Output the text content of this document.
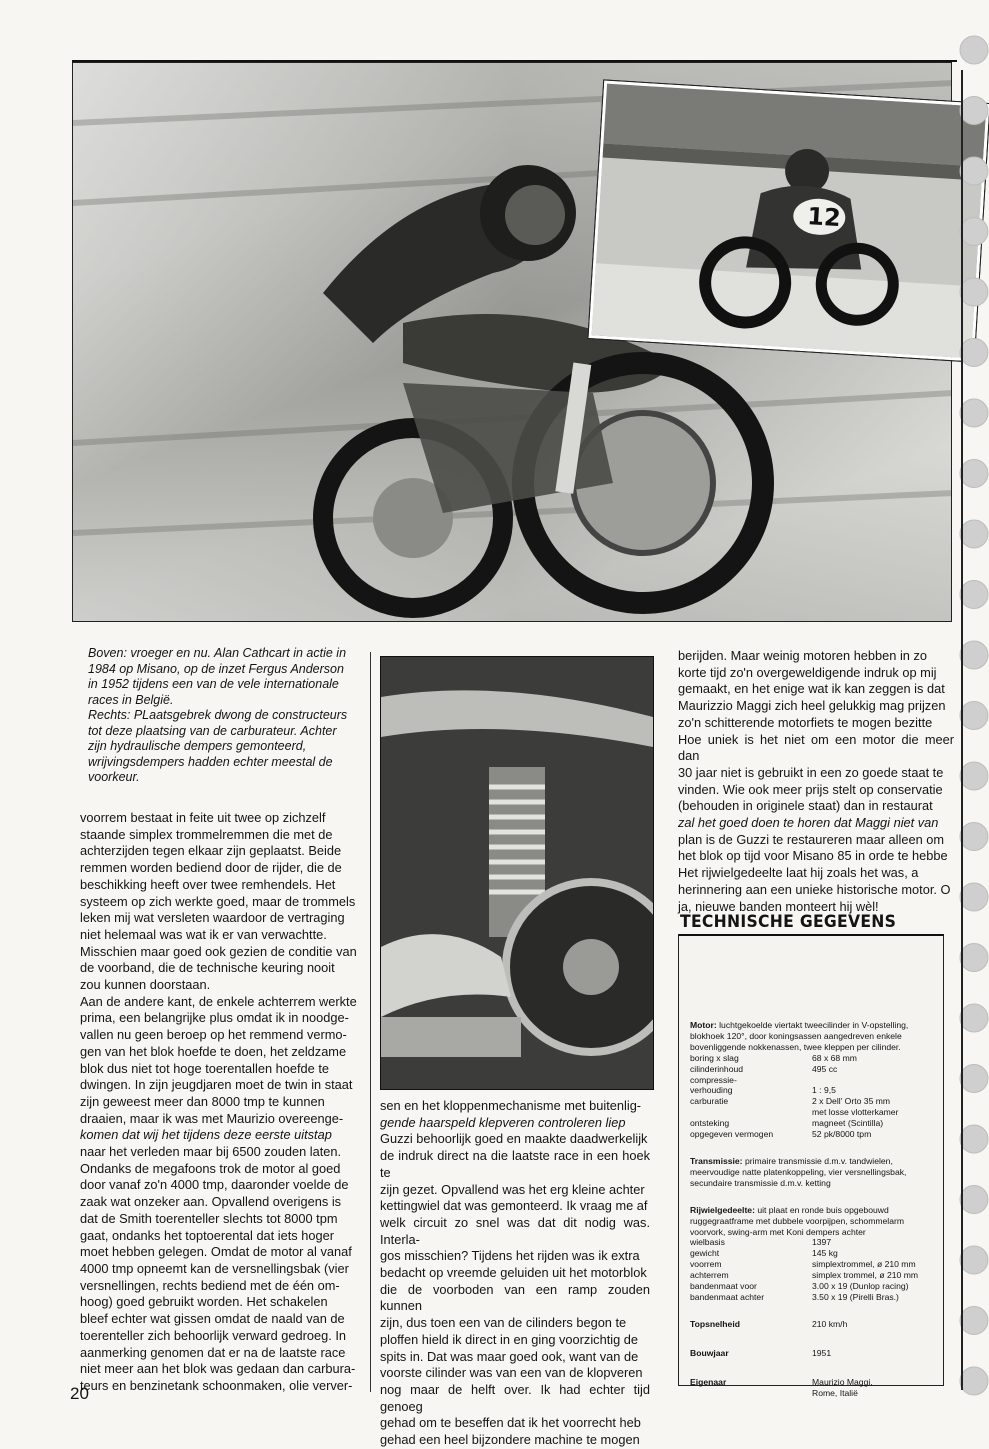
12

Boven: vroeger en nu. Alan Cathcart in actie in

1984 op Misano, op de inzet Fergus Anderson

in 1952 tijdens een van de vele internationale

races in België.

Rechts: PLaatsgebrek dwong de constructeurs

tot deze plaatsing van de carburateur. Achter

zijn hydraulische dempers gemonteerd,

wrijvingsdempers hadden echter meestal de

voorkeur.

voorrem bestaat in feite uit twee op zichzelf

staande simplex trommelremmen die met de

achterzijden tegen elkaar zijn geplaatst. Beide

remmen worden bediend door de rijder, die de

beschikking heeft over twee remhendels. Het

systeem op zich werkte goed, maar de trommels

leken mij wat versleten waardoor de vertraging

niet helemaal was wat ik er van verwachtte.

Misschien maar goed ook gezien de conditie van

de voorband, die de technische keuring nooit

zou kunnen doorstaan.

Aan de andere kant, de enkele achterrem werkte

prima, een belangrijke plus omdat ik in noodge-

vallen nu geen beroep op het remmend vermo-

gen van het blok hoefde te doen, het zeldzame

blok dus niet tot hoge toerentallen hoefde te

dwingen. In zijn jeugdjaren moet de twin in staat

zijn geweest meer dan 8000 tmp te kunnen

draaien, maar ik was met Maurizio overeenge-

komen dat wij het tijdens deze eerste uitstap

naar het verleden maar bij 6500 zouden laten.

Ondanks de megafoons trok de motor al goed

door vanaf zo'n 4000 tmp, daaronder voelde de

zaak wat onzeker aan. Opvallend overigens is

dat de Smith toerenteller slechts tot 8000 tpm

gaat, ondanks het toptoerental dat iets hoger

moet hebben gelegen. Omdat de motor al vanaf

4000 tmp opneemt kan de versnellingsbak (vier

versnellingen, rechts bediend met de één om-

hoog) goed gebruikt worden. Het schakelen

bleef echter wat gissen omdat de naald van de

toerenteller zich behoorlijk verward gedroeg. In

aanmerking genomen dat er na de laatste race

niet meer aan het blok was gedaan dan carbura-

teurs en benzinetank schoonmaken, olie verver-

sen en het kloppenmechanisme met buitenlig-

gende haarspeld klepveren controleren liep

Guzzi behoorlijk goed en maakte daadwerkelijk

de indruk direct na die laatste race in een hoek te

zijn gezet. Opvallend was het erg kleine achter

kettingwiel dat was gemonteerd. Ik vraag me af

welk circuit zo snel was dat dit nodig was. Interla-

gos misschien? Tijdens het rijden was ik extra

bedacht op vreemde geluiden uit het motorblok

die de voorboden van een ramp zouden kunnen

zijn, dus toen een van de cilinders begon te

ploffen hield ik direct in en ging voorzichtig de

spits in. Dat was maar goed ook, want van de

voorste cilinder was van een van de klopveren

nog maar de helft over. Ik had echter tijd genoeg

gehad om te beseffen dat ik het voorrecht heb

gehad een heel bijzondere machine te mogen

berijden. Maar weinig motoren hebben in zo

korte tijd zo'n overgeweldigende indruk op mij

gemaakt, en het enige wat ik kan zeggen is dat

Maurizzio Maggi zich heel gelukkig mag prijzen

zo'n schitterende motorfiets te mogen bezitte

Hoe uniek is het niet om een motor die meer dan

30 jaar niet is gebruikt in een zo goede staat te

vinden. Wie ook meer prijs stelt op conservatie

(behouden in originele staat) dan in restaurat

zal het goed doen te horen dat Maggi niet van

plan is de Guzzi te restaureren maar alleen om

het blok op tijd voor Misano 85 in orde te hebbe

Het rijwielgedeelte laat hij zoals het was, a

herinnering aan een unieke historische motor. O

ja, nieuwe banden monteert hij wèl!

TECHNISCHE GEGEVENS
Motor: luchtgekoelde viertakt tweecilinder in V-opstelling,
blokhoek 120°, door koningsassen aangedreven enkele
bovenliggende nokkenassen, twee kleppen per cilinder.
boring x slag	68 x 68 mm
cilinderinhoud	495 cc
compressie-
verhouding	1 : 9,5
carburatie	2 x Dell' Orto 35 mm
met losse vlotterkamer
ontsteking	magneet (Scintilla)
opgegeven vermogen	52 pk/8000 tpm
Transmissie: primaire transmissie d.m.v. tandwielen,
meervoudige natte platenkoppeling, vier versnellingsbak,
secundaire transmissie d.m.v. ketting
Rijwielgedeelte: uit plaat en ronde buis opgebouwd
ruggegraatframe met dubbele voorpijpen, schommelarm
voorvork, swing-arm met Koni dempers achter
wielbasis	1397
gewicht	145 kg
voorrem	simplextrommel, ø 210 mm
achterrem	simplex trommel, ø 210 mm
bandenmaat voor	3.00 x 19 (Dunlop racing)
bandenmaat achter	3.50 x 19 (Pirelli Bras.)
Topsnelheid	210 km/h
Bouwjaar	1951
Eigenaar	Maurizio Maggi,
Rome, Italië
20
